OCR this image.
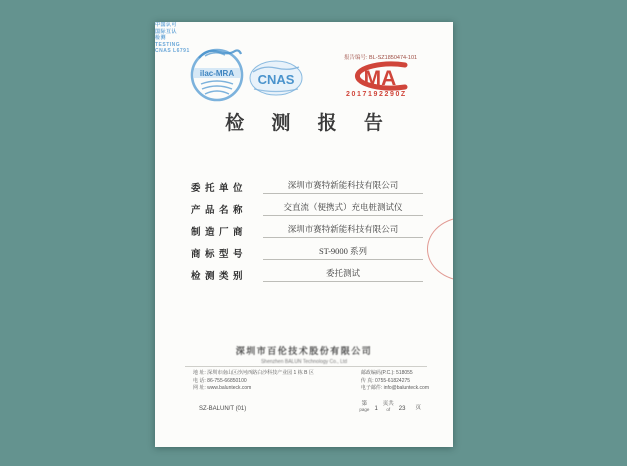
ilac-MRA CNAS
中国认可
国际互认
检测
TESTING
CNAS L6791
报告编号: BL-SZ1850474-101
MA
2017192290Z
检 测 报 告
委托单位	深圳市赛特新能科技有限公司
产品名称	交直流（便携式）充电桩测试仪
制造厂商	深圳市赛特新能科技有限公司
商标型号	ST-9000 系列
检测类别	委托测试
深圳市百伦技术股份有限公司
Shenzhen BALUN Technology Co., Ltd
地 址: 深圳市南山区沙河西路白沙科技产业园 1 栋 B 区
电 话: 86-755-66850100
网 址: www.balunteck.com
邮政编码(P.C.): 518055
传 真: 0755-61824275
电子邮件: info@balunteck.com
SZ-BALUN/T (01)
第
page 1
页共
of 23 页
